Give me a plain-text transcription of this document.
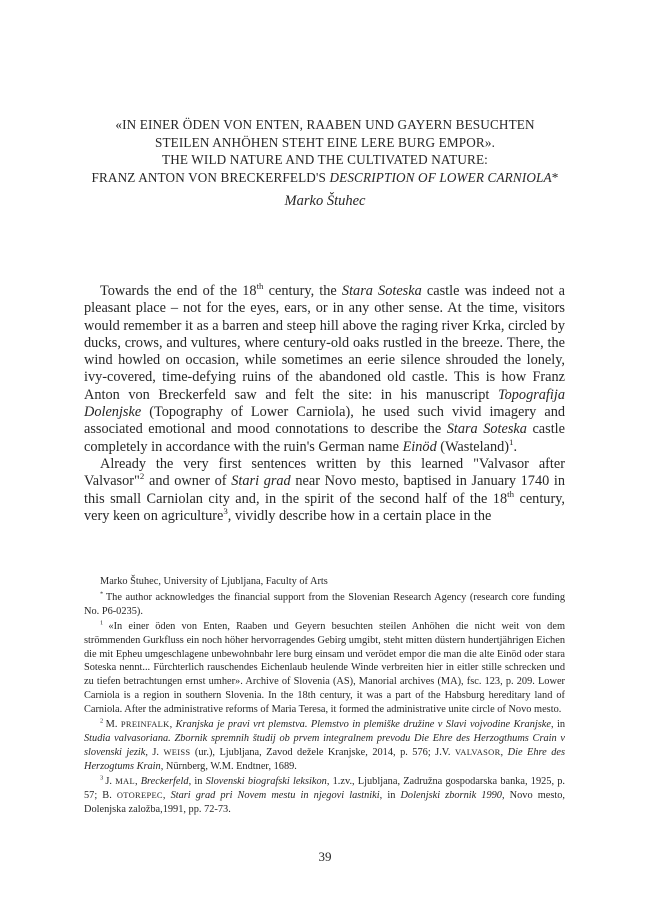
«IN EINER ÖDEN VON ENTEN, RAABEN UND GAYERN BESUCHTEN
STEILEN ANHÖHEN STEHT EINE LERE BURG EMPOR».
THE WILD NATURE AND THE CULTIVATED NATURE:
FRANZ ANTON VON BRECKERFELD'S DESCRIPTION OF LOWER CARNIOLA*
Marko Štuhec

Towards the end of the 18th century, the Stara Soteska castle was indeed not a pleasant place – not for the eyes, ears, or in any other sense. At the time, visitors would remember it as a barren and steep hill above the raging river Krka, circled by ducks, crows, and vultures, where century-old oaks rustled in the breeze. There, the wind howled on occasion, while sometimes an eerie silence shrouded the lonely, ivy-covered, time-defying ruins of the abandoned old castle. This is how Franz Anton von Breckerfeld saw and felt the site: in his manuscript Topografija Dolenjske (Topography of Lower Carniola), he used such vivid imagery and associated emotional and mood connotations to describe the Stara Soteska castle completely in accordance with the ruin's German name Einöd (Wasteland)$^1$.

Already the very first sentences written by this learned "Valvasor after Valvasor"$^2$ and owner of Stari grad near Novo mesto, baptised in January 1740 in this small Carniolan city and, in the spirit of the second half of the 18th century, very keen on agriculture$^3$, vividly describe how in a certain place in the

Marko Štuhec, University of Ljubljana, Faculty of Arts

* The author acknowledges the financial support from the Slovenian Research Agency (research core funding No. P6-0235).

$^1$ «In einer öden von Enten, Raaben und Geyern besuchten steilen Anhöhen die nicht weit von dem strömmenden Gurkfluss ein noch höher hervorragendes Gebirg umgibt, steht mitten düstern hundertjährigen Eichen die mit Epheu umgeschlagene unbewohnbahr lere burg einsam und verödet empor die man die alte Einöd oder stara Soteska nennt... Fürchterlich rauschendes Eichenlaub heulende Winde verbreiten hier in eitler stille schrecken und zu tiefen betrachtungen ernst umher». Archive of Slovenia (AS), Manorial archives (MA), fsc. 123, p. 209. Lower Carniola is a region in southern Slovenia. In the 18th century, it was a part of the Habsburg hereditary land of Carniola. After the administrative reforms of Maria Teresa, it formed the administrative unite circle of Novo mesto.

$^2$ M. PREINFALK, Kranjska je pravi vrt plemstva. Plemstvo in plemiške družine v Slavi vojvodine Kranjske, in Studia valvasoriana. Zbornik spremnih študij ob prvem integralnem prevodu Die Ehre des Herzogthums Crain v slovenski jezik, J. WEISS (ur.), Ljubljana, Zavod dežele Kranjske, 2014, p. 576; J.V. VALVASOR, Die Ehre des Herzogtums Krain, Nürnberg, W.M. Endtner, 1689.

$^3$ J. MAL, Breckerfeld, in Slovenski biografski leksikon, 1.zv., Ljubljana, Zadružna gospodarska banka, 1925, p. 57; B. OTOREPEC, Stari grad pri Novem mestu in njegovi lastniki, in Dolenjski zbornik 1990, Novo mesto, Dolenjska založba,1991, pp. 72-73.

39
